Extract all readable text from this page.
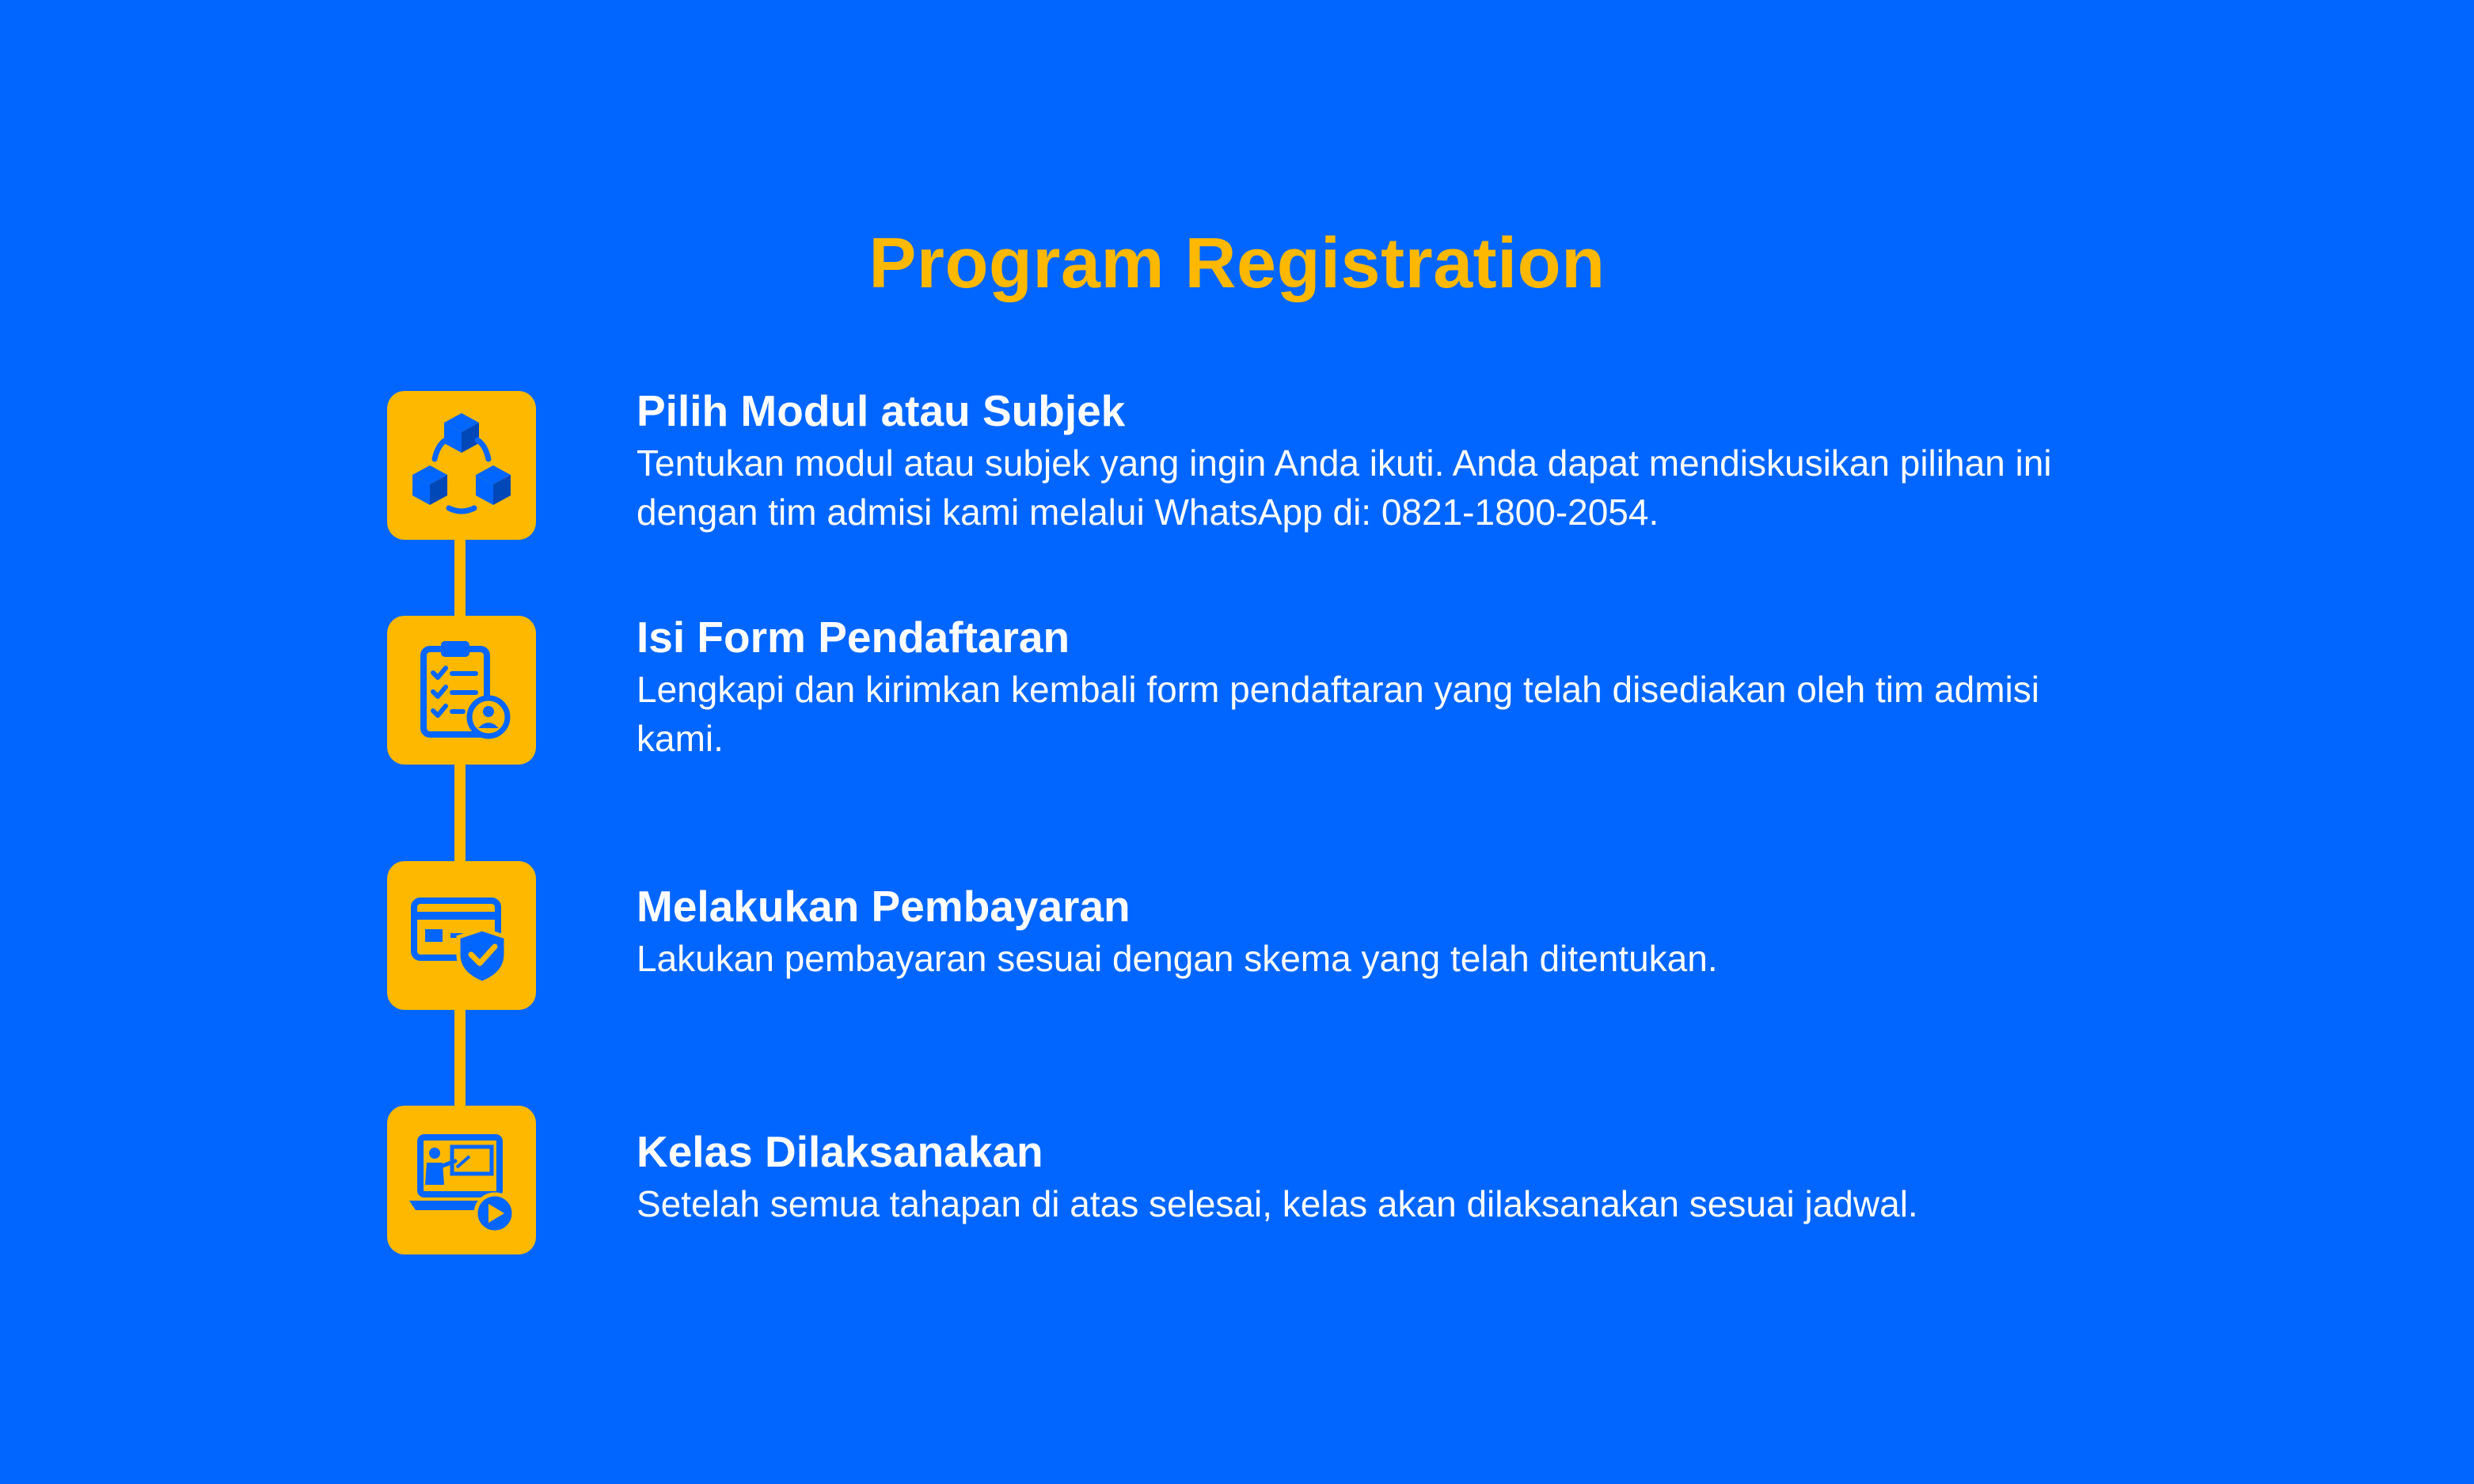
Program Registration
Pilih Modul atau Subjek

Tentukan modul atau subjek yang ingin Anda ikuti. Anda dapat mendiskusikan pilihan ini dengan tim admisi kami melalui WhatsApp di: 0821-1800-2054.

Isi Form Pendaftaran

Lengkapi dan kirimkan kembali form pendaftaran yang telah disediakan oleh tim admisi kami.

Melakukan Pembayaran

Lakukan pembayaran sesuai dengan skema yang telah ditentukan.

Kelas Dilaksanakan

Setelah semua tahapan di atas selesai, kelas akan dilaksanakan sesuai jadwal.
